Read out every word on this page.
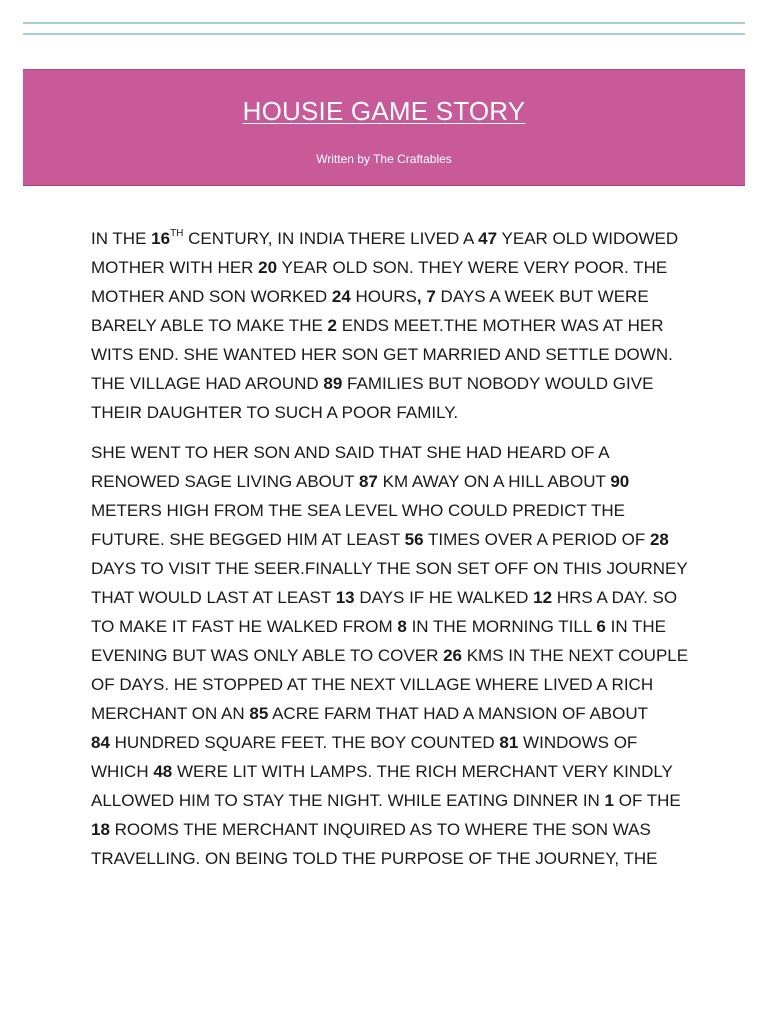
HOUSIE GAME STORY
Written by The Craftables

IN THE 16TH CENTURY, IN INDIA THERE LIVED A 47 YEAR OLD WIDOWED
MOTHER WITH HER 20 YEAR OLD SON. THEY WERE VERY POOR. THE
MOTHER AND SON WORKED 24 HOURS, 7 DAYS A WEEK BUT WERE
BARELY ABLE TO MAKE THE 2 ENDS MEET.THE MOTHER WAS AT HER
WITS END. SHE WANTED HER SON GET MARRIED AND SETTLE DOWN.
THE VILLAGE HAD AROUND 89 FAMILIES BUT NOBODY WOULD GIVE
THEIR DAUGHTER TO SUCH A POOR FAMILY.

SHE WENT TO HER SON AND SAID THAT SHE HAD HEARD OF A
RENOWED SAGE LIVING ABOUT 87 KM AWAY ON A HILL ABOUT 90
METERS HIGH FROM THE SEA LEVEL WHO COULD PREDICT THE
FUTURE. SHE BEGGED HIM AT LEAST 56 TIMES OVER A PERIOD OF 28
DAYS TO VISIT THE SEER.FINALLY THE SON SET OFF ON THIS JOURNEY
THAT WOULD LAST AT LEAST 13 DAYS IF HE WALKED 12 HRS A DAY. SO
TO MAKE IT FAST HE WALKED FROM 8 IN THE MORNING TILL 6 IN THE
EVENING BUT WAS ONLY ABLE TO COVER 26 KMS IN THE NEXT COUPLE
OF DAYS. HE STOPPED AT THE NEXT VILLAGE WHERE LIVED A RICH
MERCHANT ON AN 85 ACRE FARM THAT HAD A MANSION OF ABOUT
84 HUNDRED SQUARE FEET. THE BOY COUNTED 81 WINDOWS OF
WHICH 48 WERE LIT WITH LAMPS. THE RICH MERCHANT VERY KINDLY
ALLOWED HIM TO STAY THE NIGHT. WHILE EATING DINNER IN 1 OF THE
18 ROOMS THE MERCHANT INQUIRED AS TO WHERE THE SON WAS
TRAVELLING. ON BEING TOLD THE PURPOSE OF THE JOURNEY, THE
